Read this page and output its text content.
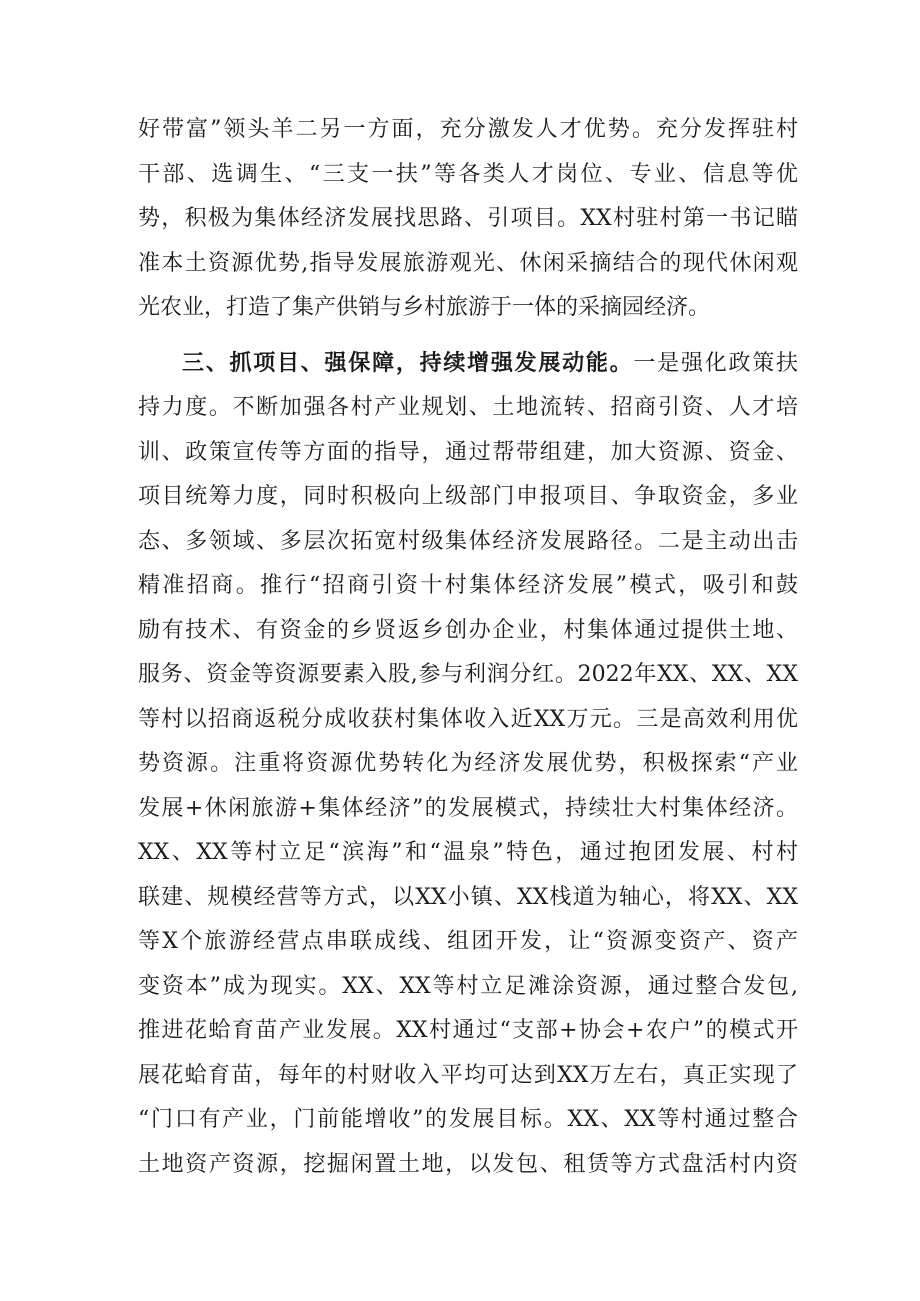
好带富”领头羊二另一方面，充分激发人才优势。充分发挥驻村
干部、选调生、“三支一扶”等各类人才岗位、专业、信息等优
势，积极为集体经济发展找思路、引项目。XX村驻村第一书记瞄
准本土资源优势,指导发展旅游观光、休闲采摘结合的现代休闲观
光农业，打造了集产供销与乡村旅游于一体的采摘园经济。
三、抓项目、强保障，持续增强发展动能。一是强化政策扶
持力度。不断加强各村产业规划、土地流转、招商引资、人才培
训、政策宣传等方面的指导，通过帮带组建，加大资源、资金、
项目统筹力度，同时积极向上级部门申报项目、争取资金，多业
态、多领域、多层次拓宽村级集体经济发展路径。二是主动出击
精准招商。推行“招商引资十村集体经济发展”模式，吸引和鼓
励有技术、有资金的乡贤返乡创办企业，村集体通过提供土地、
服务、资金等资源要素入股,参与利润分红。2022年XX、XX、XX
等村以招商返税分成收获村集体收入近XX万元。三是高效利用优
势资源。注重将资源优势转化为经济发展优势，积极探索“产业
发展+休闲旅游+集体经济”的发展模式，持续壮大村集体经济。
XX、XX等村立足“滨海”和“温泉”特色，通过抱团发展、村村
联建、规模经营等方式，以XX小镇、XX栈道为轴心，将XX、XX
等X个旅游经营点串联成线、组团开发，让“资源变资产、资产
变资本”成为现实。XX、XX等村立足滩涂资源，通过整合发包,
推进花蛤育苗产业发展。XX村通过“支部+协会+农户”的模式开
展花蛤育苗，每年的村财收入平均可达到XX万左右，真正实现了
“门口有产业，门前能增收”的发展目标。XX、XX等村通过整合
土地资产资源，挖掘闲置土地，以发包、租赁等方式盘活村内资
